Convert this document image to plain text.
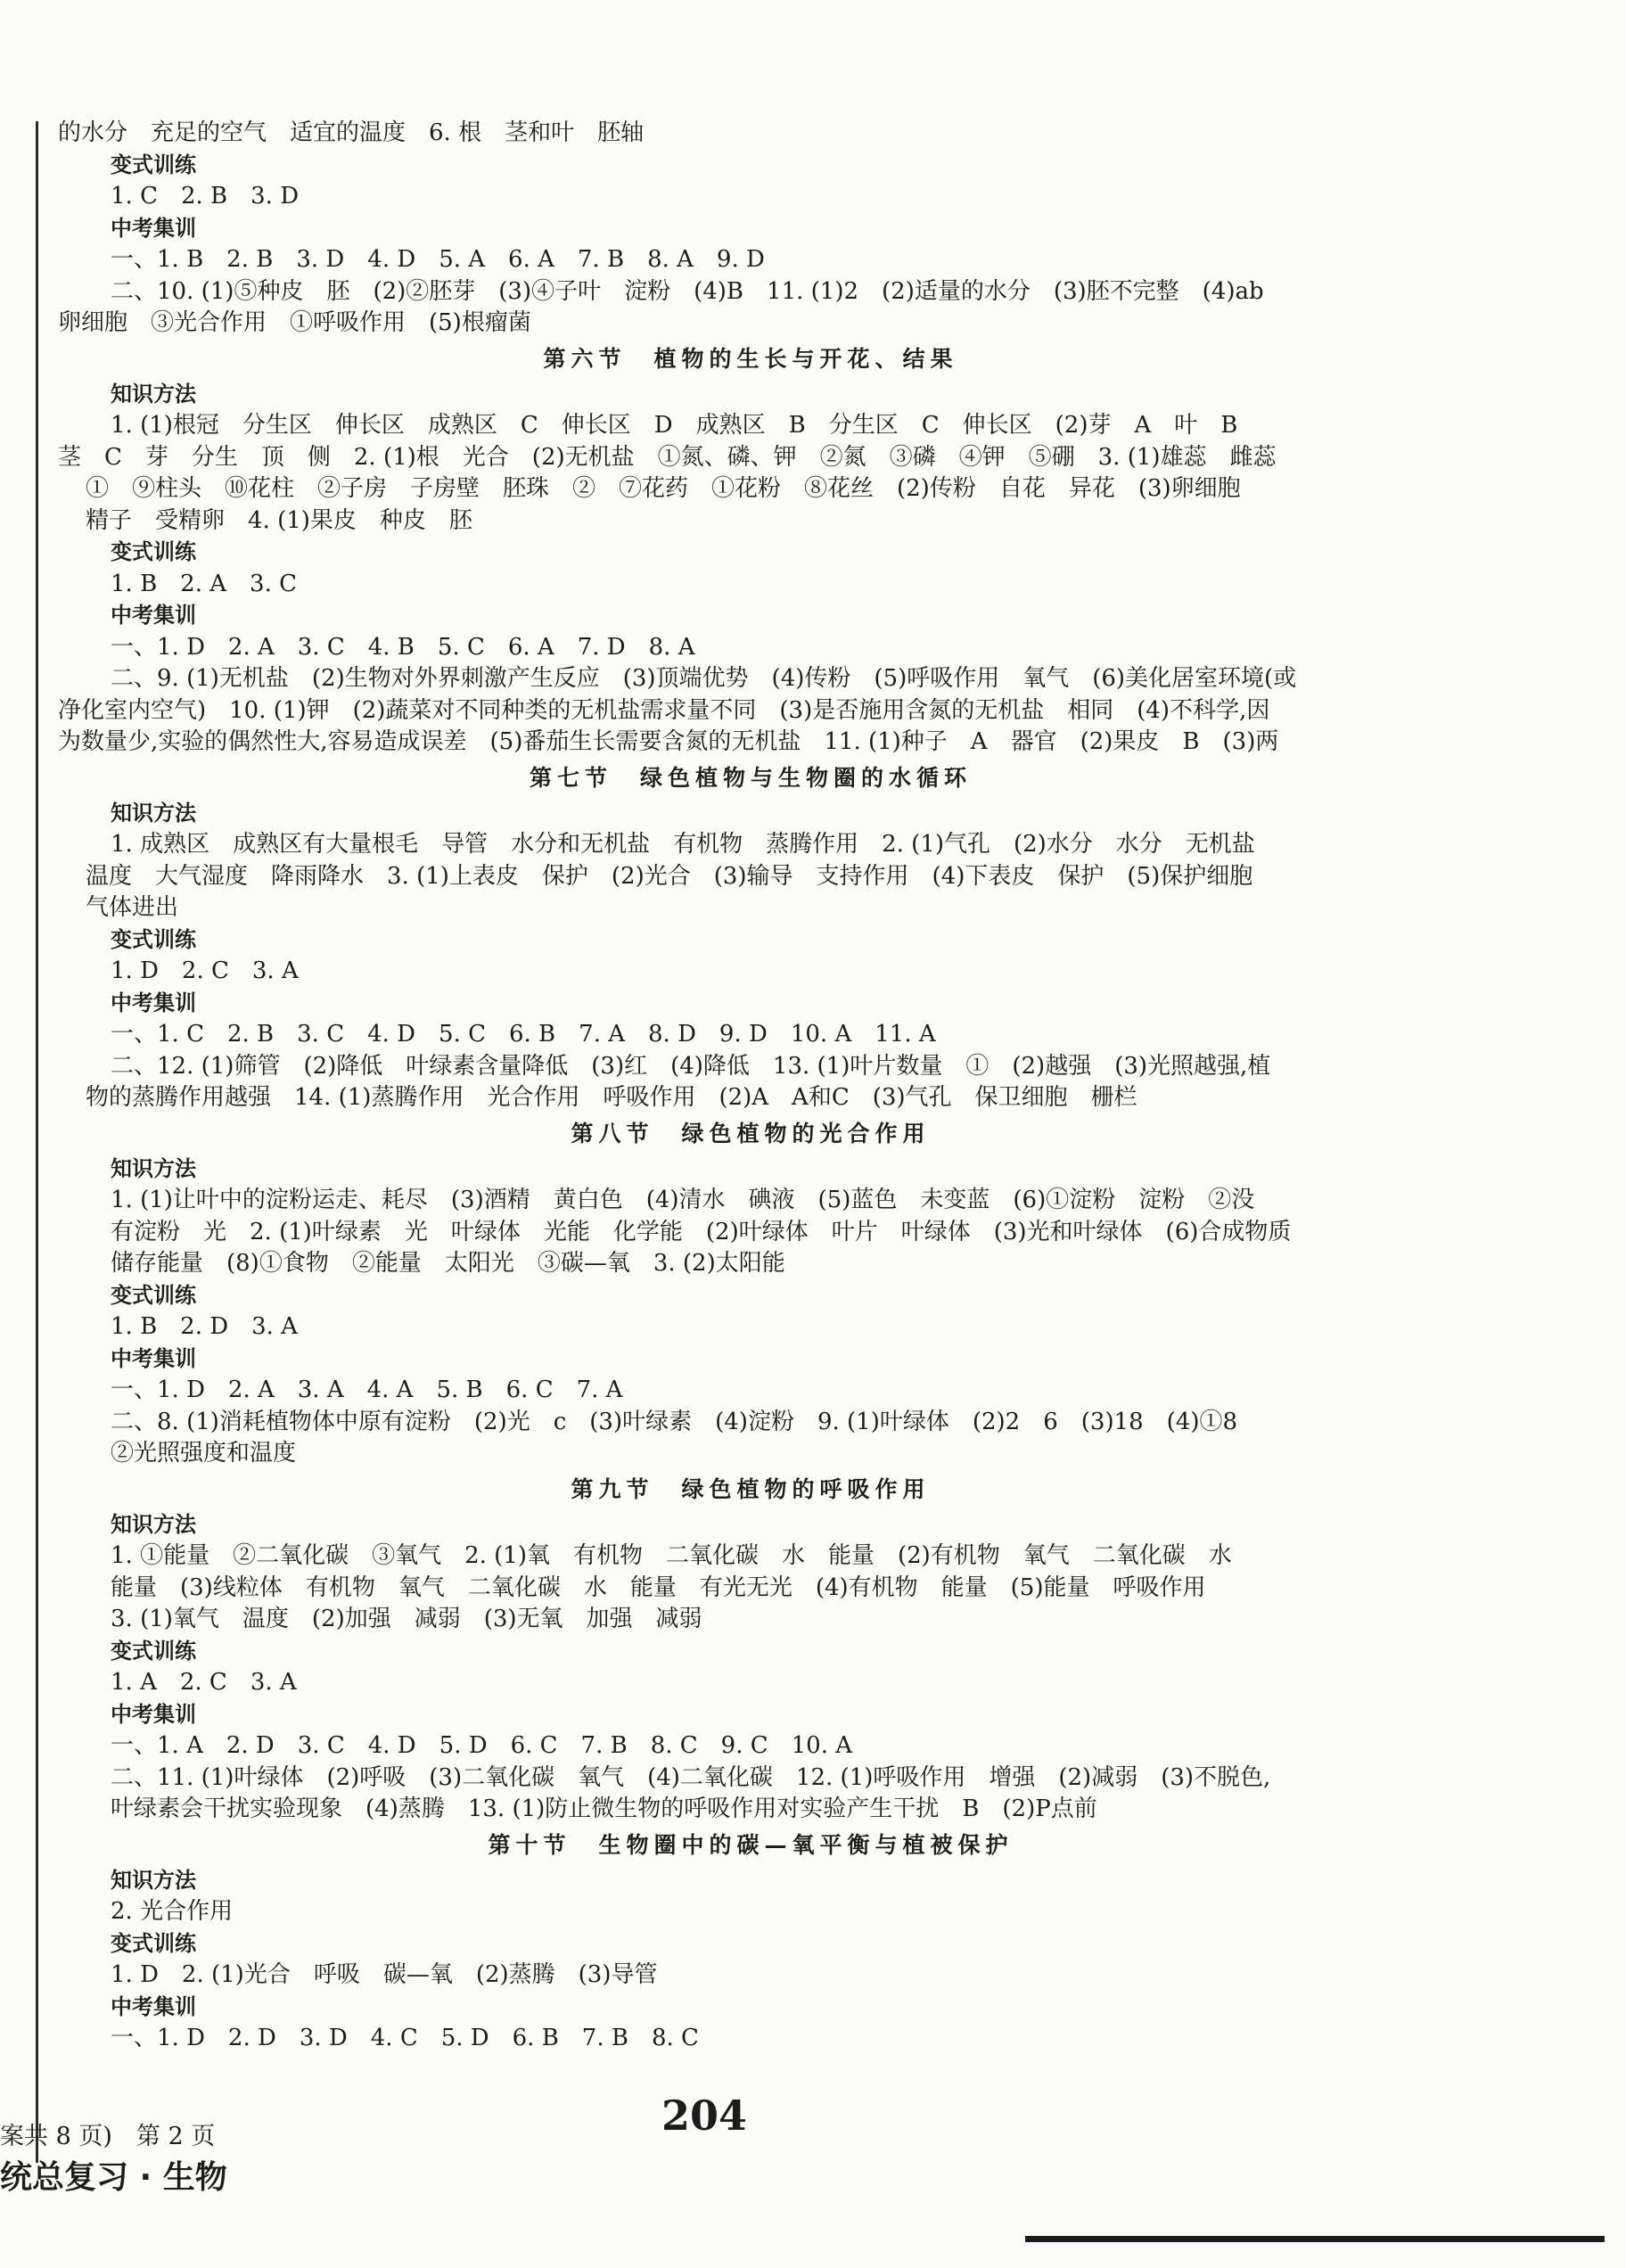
的水分　充足的空气　适宜的温度　6. 根　茎和叶　胚轴
变式训练
1. C　2. B　3. D
中考集训
一、1. B　2. B　3. D　4. D　5. A　6. A　7. B　8. A　9. D
二、10. (1)⑤种皮　胚　(2)②胚芽　(3)④子叶　淀粉　(4)B　11. (1)2　(2)适量的水分　(3)胚不完整　(4)ab
卵细胞　③光合作用　①呼吸作用　(5)根瘤菌
第六节　植物的生长与开花、结果
知识方法
1. (1)根冠　分生区　伸长区　成熟区　C　伸长区　D　成熟区　B　分生区　C　伸长区　(2)芽　A　叶　B
茎　C　芽　分生　顶　侧　2. (1)根　光合　(2)无机盐　①氮、磷、钾　②氮　③磷　④钾　⑤硼　3. (1)雄蕊　雌蕊
①　⑨柱头　⑩花柱　②子房　子房壁　胚珠　②　⑦花药　①花粉　⑧花丝　(2)传粉　自花　异花　(3)卵细胞
精子　受精卵　4. (1)果皮　种皮　胚
变式训练
1. B　2. A　3. C
中考集训
一、1. D　2. A　3. C　4. B　5. C　6. A　7. D　8. A
二、9. (1)无机盐　(2)生物对外界刺激产生反应　(3)顶端优势　(4)传粉　(5)呼吸作用　氧气　(6)美化居室环境(或
净化室内空气)　10. (1)钾　(2)蔬菜对不同种类的无机盐需求量不同　(3)是否施用含氮的无机盐　相同　(4)不科学,因
为数量少,实验的偶然性大,容易造成误差　(5)番茄生长需要含氮的无机盐　11. (1)种子　A　器官　(2)果皮　B　(3)两
第七节　绿色植物与生物圈的水循环
知识方法
1. 成熟区　成熟区有大量根毛　导管　水分和无机盐　有机物　蒸腾作用　2. (1)气孔　(2)水分　水分　无机盐
温度　大气湿度　降雨降水　3. (1)上表皮　保护　(2)光合　(3)输导　支持作用　(4)下表皮　保护　(5)保护细胞
气体进出
变式训练
1. D　2. C　3. A
中考集训
一、1. C　2. B　3. C　4. D　5. C　6. B　7. A　8. D　9. D　10. A　11. A
二、12. (1)筛管　(2)降低　叶绿素含量降低　(3)红　(4)降低　13. (1)叶片数量　①　(2)越强　(3)光照越强,植
物的蒸腾作用越强　14. (1)蒸腾作用　光合作用　呼吸作用　(2)A　A和C　(3)气孔　保卫细胞　栅栏
第八节　绿色植物的光合作用
知识方法
1. (1)让叶中的淀粉运走、耗尽　(3)酒精　黄白色　(4)清水　碘液　(5)蓝色　未变蓝　(6)①淀粉　淀粉　②没
有淀粉　光　2. (1)叶绿素　光　叶绿体　光能　化学能　(2)叶绿体　叶片　叶绿体　(3)光和叶绿体　(6)合成物质
储存能量　(8)①食物　②能量　太阳光　③碳—氧　3. (2)太阳能
变式训练
1. B　2. D　3. A
中考集训
一、1. D　2. A　3. A　4. A　5. B　6. C　7. A
二、8. (1)消耗植物体中原有淀粉　(2)光　c　(3)叶绿素　(4)淀粉　9. (1)叶绿体　(2)2　6　(3)18　(4)①8
②光照强度和温度
第九节　绿色植物的呼吸作用
知识方法
1. ①能量　②二氧化碳　③氧气　2. (1)氧　有机物　二氧化碳　水　能量　(2)有机物　氧气　二氧化碳　水
能量　(3)线粒体　有机物　氧气　二氧化碳　水　能量　有光无光　(4)有机物　能量　(5)能量　呼吸作用
3. (1)氧气　温度　(2)加强　减弱　(3)无氧　加强　减弱
变式训练
1. A　2. C　3. A
中考集训
一、1. A　2. D　3. C　4. D　5. D　6. C　7. B　8. C　9. C　10. A
二、11. (1)叶绿体　(2)呼吸　(3)二氧化碳　氧气　(4)二氧化碳　12. (1)呼吸作用　增强　(2)减弱　(3)不脱色,
叶绿素会干扰实验现象　(4)蒸腾　13. (1)防止微生物的呼吸作用对实验产生干扰　B　(2)P点前
第十节　生物圈中的碳—氧平衡与植被保护
知识方法
2. 光合作用
变式训练
1. D　2. (1)光合　呼吸　碳—氧　(2)蒸腾　(3)导管
中考集训
一、1. D　2. D　3. D　4. C　5. D　6. B　7. B　8. C
案共 8 页)　第 2 页
统总复习 · 生物
204
